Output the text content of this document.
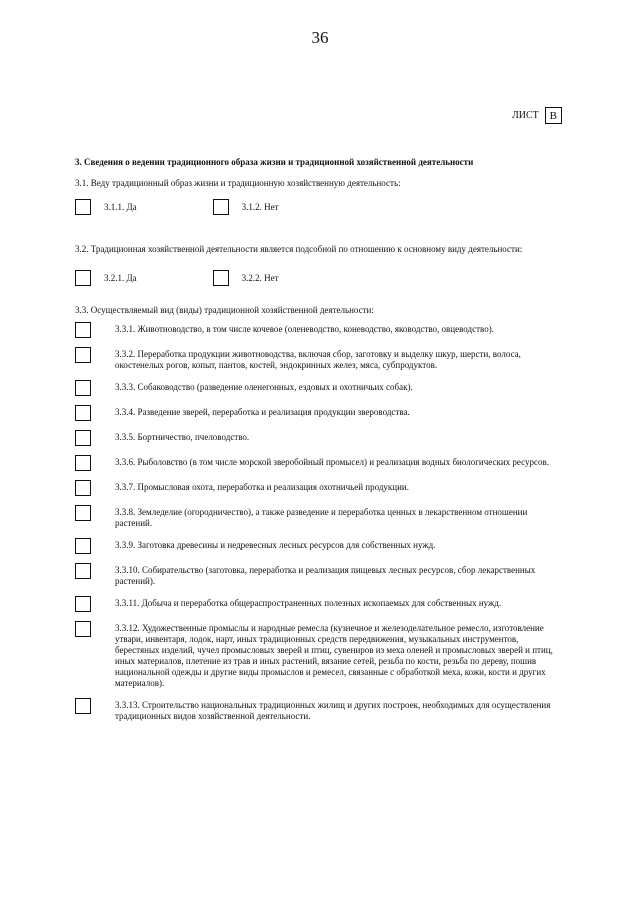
36
ЛИСТ В

3. Сведения о ведении традиционного образа жизни и традиционной хозяйственной деятельности

3.1. Веду традиционный образ жизни и традиционную хозяйственную деятельность:

3.1.1. Да	3.1.2. Нет

3.2. Традиционная хозяйственной деятельности является подсобной по отношению к основному виду деятельности:

3.2.1. Да	3.2.2. Нет

3.3. Осуществляемый вид (виды) традиционной хозяйственной деятельности:

3.3.1. Животноводство, в том числе кочевое (оленеводство, коневодство, яководство, овцеводство).
3.3.2. Переработка продукции животноводства, включая сбор, заготовку и выделку шкур, шерсти, волоса, окостенелых рогов, копыт, пантов, костей, эндокринных желез, мяса, субпродуктов.
3.3.3. Собаководство (разведение оленегонных, ездовых и охотничьих собак).
3.3.4. Разведение зверей, переработка и реализация продукции звероводства.
3.3.5. Бортничество, пчеловодство.
3.3.6. Рыболовство (в том числе морской зверобойный промысел) и реализация водных биологических ресурсов.
3.3.7. Промысловая охота, переработка и реализация охотничьей продукции.
3.3.8. Земледелие (огородничество), а также разведение и переработка ценных в лекарственном отношении растений.
3.3.9. Заготовка древесины и недревесных лесных ресурсов для собственных нужд.
3.3.10. Собирательство (заготовка, переработка и реализация пищевых лесных ресурсов, сбор лекарственных растений).
3.3.11. Добыча и переработка общераспространенных полезных ископаемых для собственных нужд.
3.3.12. Художественные промыслы и народные ремесла (кузнечное и железоделательное ремесло, изготовление утвари, инвентаря, лодок, нарт, иных традиционных средств передвижения, музыкальных инструментов, берестяных изделий, чучел промысловых зверей и птиц, сувениров из меха оленей и промысловых зверей и птиц, иных материалов, плетение из трав и иных растений, вязание сетей, резьба по кости, резьба по дереву, пошив национальной одежды и другие виды промыслов и ремесел, связанные с обработкой меха, кожи, кости и других материалов).
3.3.13. Строительство национальных традиционных жилищ и других построек, необходимых для осуществления традиционных видов хозяйственной деятельности.
